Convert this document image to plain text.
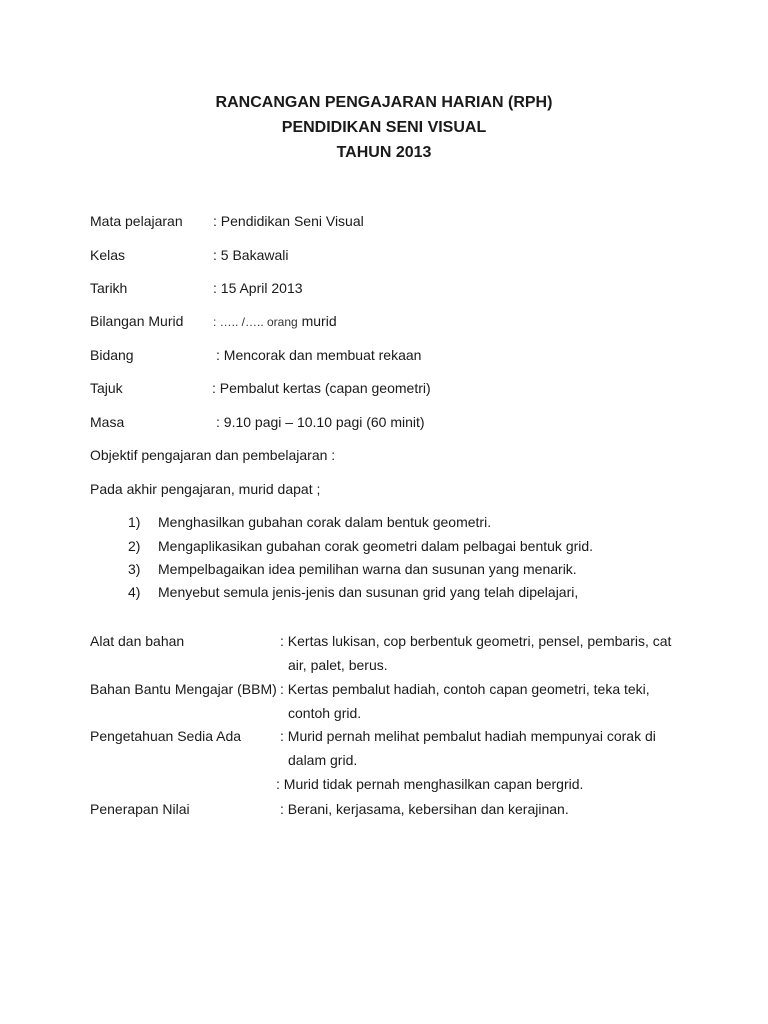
RANCANGAN PENGAJARAN HARIAN (RPH)
PENDIDIKAN SENI VISUAL
TAHUN 2013
Mata pelajaran : Pendidikan Seni Visual
Kelas	: 5 Bakawali
Tarikh	: 15 April 2013
Bilangan Murid : ….. /….. orang murid
Bidang	: Mencorak dan membuat rekaan
Tajuk	: Pembalut kertas (capan geometri)
Masa	: 9.10 pagi – 10.10 pagi (60 minit)
Objektif pengajaran dan pembelajaran :
Pada akhir pengajaran, murid dapat ;
1) Menghasilkan gubahan corak dalam bentuk geometri.
2) Mengaplikasikan gubahan corak geometri dalam pelbagai bentuk grid.
3) Mempelbagaikan idea pemilihan warna dan susunan yang menarik.
4) Menyebut semula jenis-jenis dan susunan grid yang telah dipelajari,
Alat dan bahan	: Kertas lukisan, cop berbentuk geometri, pensel, pembaris, cat
air, palet, berus.
Bahan Bantu Mengajar (BBM) : Kertas pembalut hadiah, contoh capan geometri, teka teki,
contoh grid.
Pengetahuan Sedia Ada	: Murid pernah melihat pembalut hadiah mempunyai corak di
dalam grid.
: Murid tidak pernah menghasilkan capan bergrid.
Penerapan Nilai	: Berani, kerjasama, kebersihan dan kerajinan.
